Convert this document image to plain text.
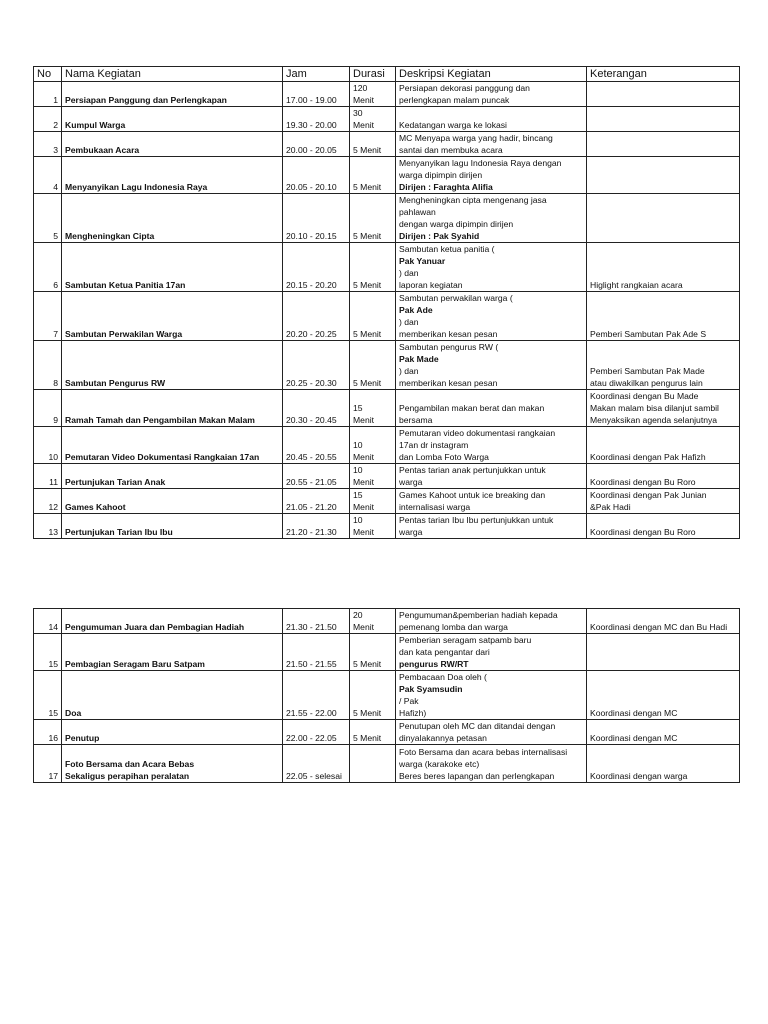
No	Nama Kegiatan	Jam	Durasi	Deskripsi Kegiatan	Keterangan
1	Persiapan Panggung dan Perlengkapan	17.00 - 19.00	120
Menit	Persiapan dekorasi panggung dan
perlengkapan malam puncak	

2	Kumpul Warga	19.30 - 20.00	30
Menit	Kedatangan warga ke lokasi	

3	Pembukaan Acara	20.00 - 20.05	5 Menit	MC Menyapa warga yang hadir, bincang
santai dan membuka acara	

4	Menyanyikan Lagu Indonesia Raya	20.05 - 20.10	5 Menit	Menyanyikan lagu Indonesia Raya dengan
warga dipimpin dirijen
Dirijen : Faraghta Alifia	

5	Mengheningkan Cipta	20.10 - 20.15	5 Menit	Mengheningkan cipta mengenang jasa
pahlawan
dengan warga dipimpin dirijen
Dirijen : Pak Syahid	

6	Sambutan Ketua Panitia 17an	20.15 - 20.20	5 Menit	Sambutan ketua panitia (
Pak Yanuar
) dan
laporan kegiatan	Higlight rangkaian acara
7	Sambutan Perwakilan Warga	20.20 - 20.25	5 Menit	Sambutan perwakilan warga (
Pak Ade
) dan
memberikan kesan pesan	Pemberi Sambutan Pak Ade S
8	Sambutan Pengurus RW	20.25 - 20.30	5 Menit	Sambutan pengurus RW (
Pak Made
) dan
memberikan kesan pesan	Pemberi Sambutan Pak Made
atau diwakilkan pengurus lain

9	Ramah Tamah dan Pengambilan Makan Malam	20.30 - 20.45	15
Menit	Pengambilan makan berat dan makan
bersama	Koordinasi dengan Bu Made
Makan malam bisa dilanjut sambil
Menyaksikan agenda selanjutnya

10	Pemutaran Video Dokumentasi Rangkaian 17an	20.45 - 20.55	10
Menit	Pemutaran video dokumentasi rangkaian
17an dr instagram
dan Lomba Foto Warga	Koordinasi dengan Pak Hafizh
11	Pertunjukan Tarian Anak	20.55 - 21.05	10
Menit	Pentas tarian anak pertunjukkan untuk
warga	Koordinasi dengan Bu Roro
12	Games Kahoot	21.05 - 21.20	15
Menit	Games Kahoot untuk ice breaking dan
internalisasi warga	Koordinasi dengan Pak Junian
&Pak Hadi

13	Pertunjukan Tarian Ibu Ibu	21.20 - 21.30	10
Menit	Pentas tarian Ibu Ibu pertunjukkan untuk
warga	Koordinasi dengan Bu Roro
14	Pengumuman Juara dan Pembagian Hadiah	21.30 - 21.50	20
Menit	Pengumuman&pemberian hadiah kepada
pemenang lomba dan warga	Koordinasi dengan MC dan Bu Hadi
15	Pembagian Seragam Baru Satpam	21.50 - 21.55	5 Menit	Pemberian seragam satpamb baru
dan kata pengantar dari
pengurus RW/RT	

15	Doa	21.55 - 22.00	5 Menit	Pembacaan Doa oleh (
Pak Syamsudin
/ Pak
Hafizh)	Koordinasi dengan MC
16	Penutup	22.00 - 22.05	5 Menit	Penutupan oleh MC dan ditandai dengan
dinyalakannya petasan	Koordinasi dengan MC
17	Foto Bersama dan Acara Bebas
Sekaligus perapihan peralatan	22.05 - selesai		Foto Bersama dan acara bebas internalisasi
warga (karakoke etc)
Beres beres lapangan dan perlengkapan	Koordinasi dengan warga
